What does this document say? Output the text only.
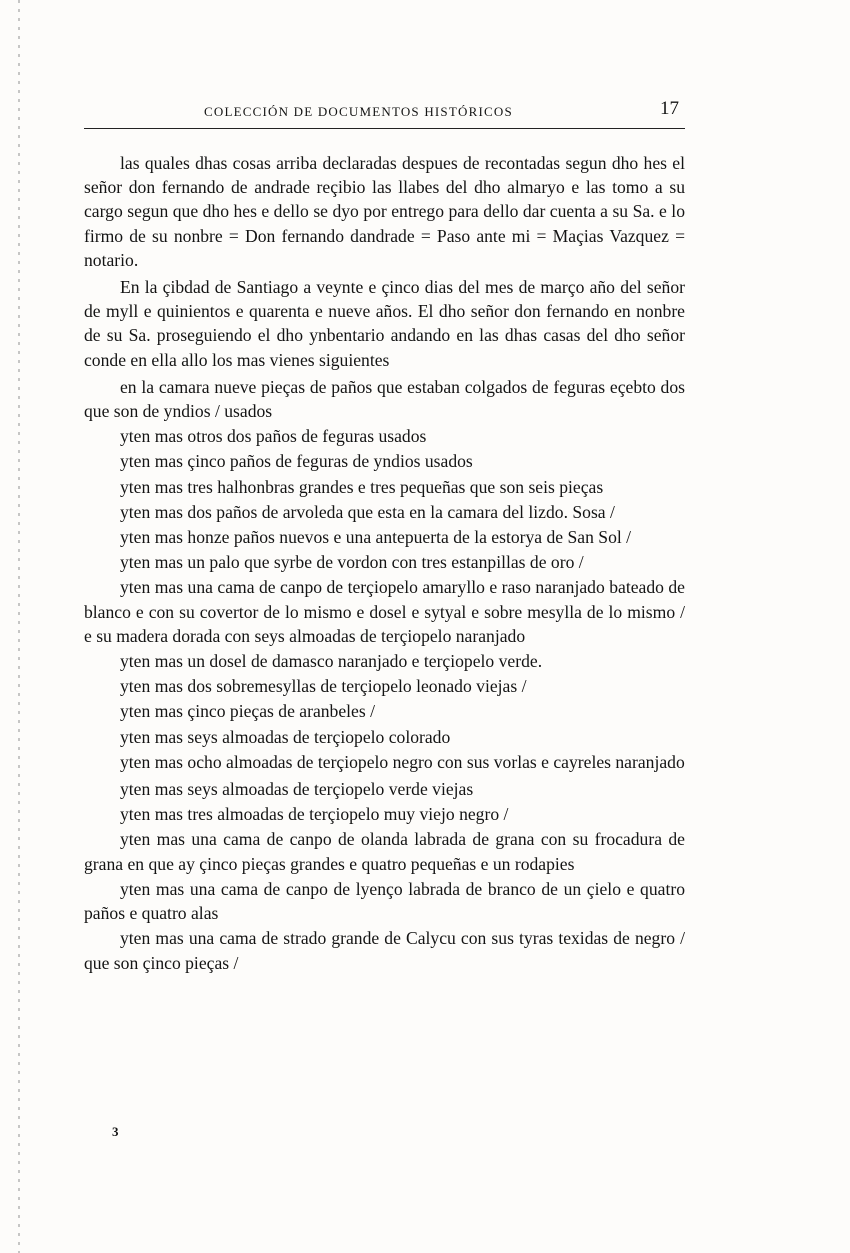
COLECCIÓN DE DOCUMENTOS HISTÓRICOS	17

las quales dhas cosas arriba declaradas despues de recontadas segun dho hes el señor don fernando de andrade reçibio las llabes del dho almaryo e las tomo a su cargo segun que dho hes e dello se dyo por entrego para dello dar cuenta a su Sa. e lo firmo de su nonbre = Don fernando dandrade = Paso ante mi = Maçias Vazquez = notario.

En la çibdad de Santiago a veynte e çinco dias del mes de março año del señor de myll e quinientos e quarenta e nueve años. El dho señor don fernando en nonbre de su Sa. proseguiendo el dho ynbentario andando en las dhas casas del dho señor conde en ella allo los mas vienes siguientes

en la camara nueve pieças de paños que estaban colgados de feguras eçebto dos que son de yndios / usados

yten mas otros dos paños de feguras usados

yten mas çinco paños de feguras de yndios usados

yten mas tres halhonbras grandes e tres pequeñas que son seis pieças

yten mas dos paños de arvoleda que esta en la camara del lizdo. Sosa /

yten mas honze paños nuevos e una antepuerta de la estorya de San Sol /

yten mas un palo que syrbe de vordon con tres estanpillas de oro /

yten mas una cama de canpo de terçiopelo amaryllo e raso naranjado bateado de blanco e con su covertor de lo mismo e dosel e sytyal e sobre mesylla de lo mismo / e su madera dorada con seys almoadas de terçiopelo naranjado

yten mas un dosel de damasco naranjado e terçiopelo verde.

yten mas dos sobremesyllas de terçiopelo leonado viejas /

yten mas çinco pieças de aranbeles /

yten mas seys almoadas de terçiopelo colorado

yten mas ocho almoadas de terçiopelo negro con sus vorlas e cayreles naranjado

yten mas seys almoadas de terçiopelo verde viejas

yten mas tres almoadas de terçiopelo muy viejo negro /

yten mas una cama de canpo de olanda labrada de grana con su frocadura de grana en que ay çinco pieças grandes e quatro pequeñas e un rodapies

yten mas una cama de canpo de lyenço labrada de branco de un çielo e quatro paños e quatro alas

yten mas una cama de strado grande de Calycu con sus tyras texidas de negro / que son çinco pieças /

3
